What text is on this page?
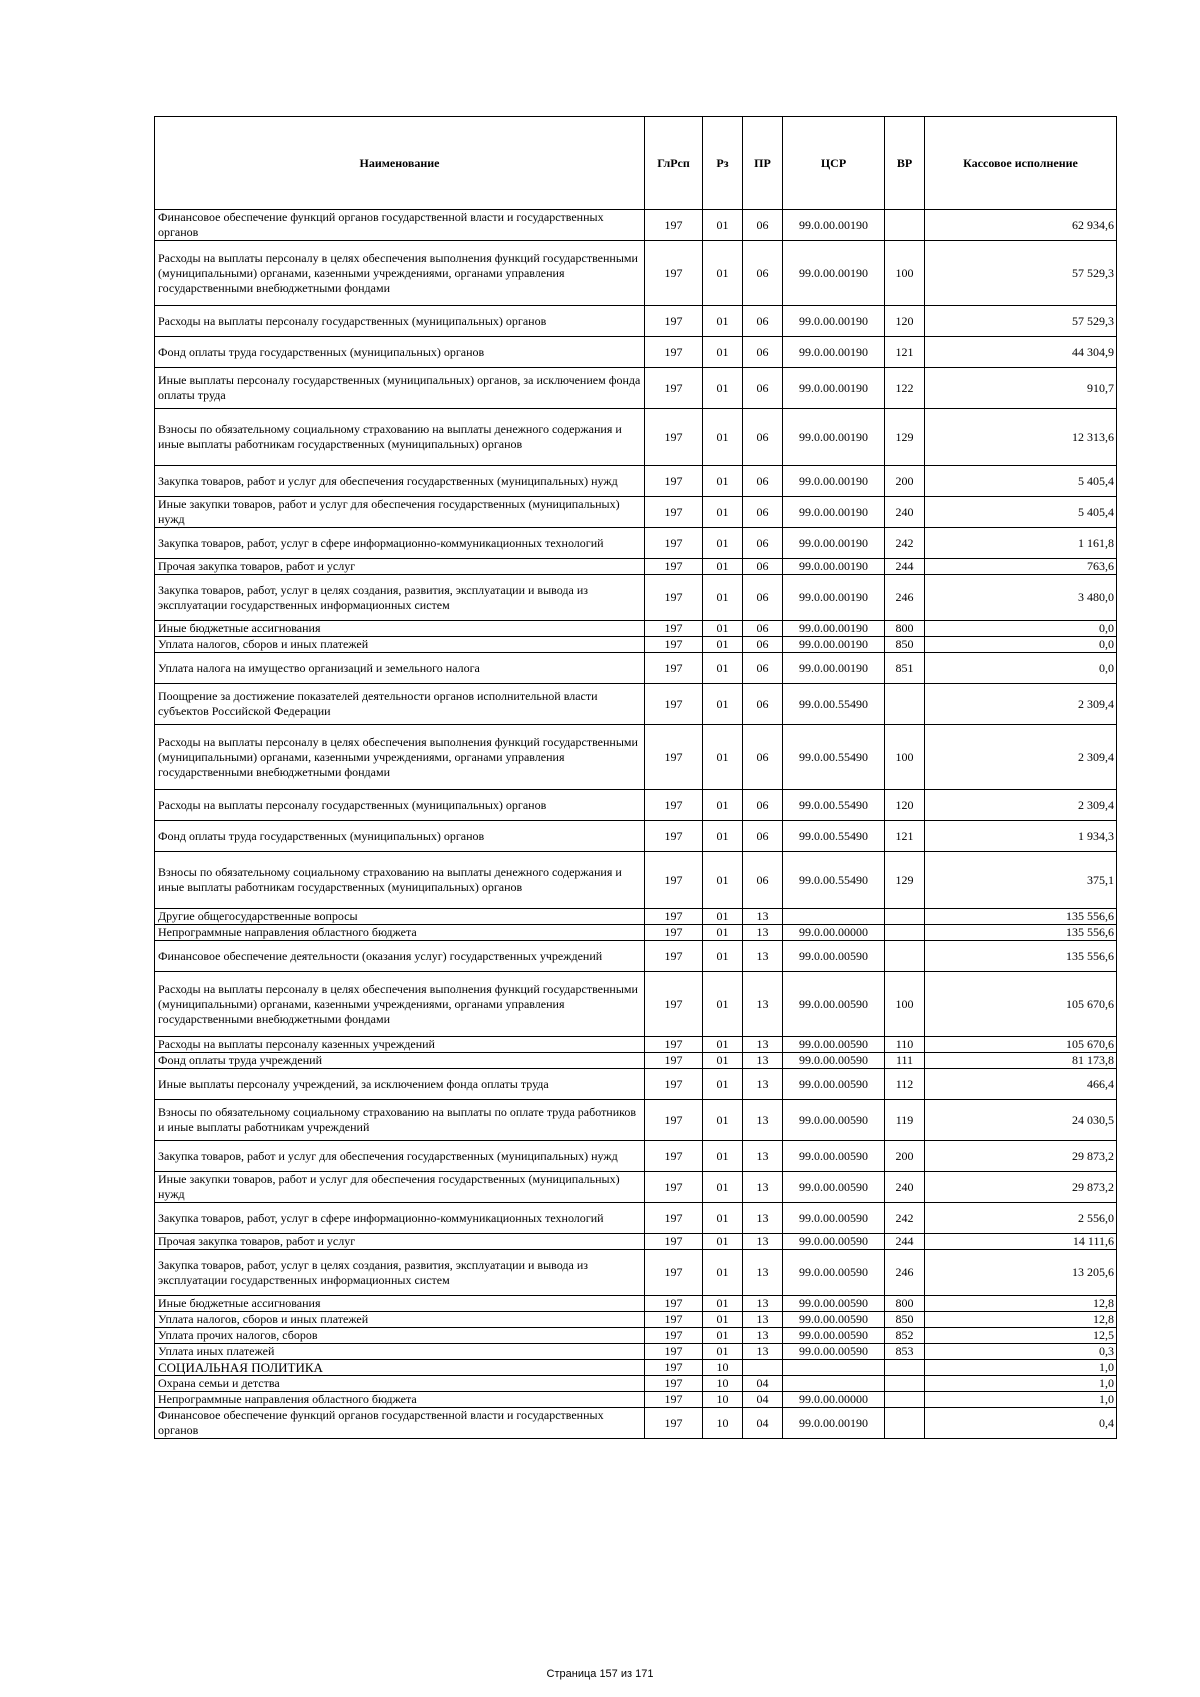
Наименование	ГлРсп	Рз	ПР	ЦСР	ВР	Кассовое исполнение
Финансовое обеспечение функций органов государственной власти и государственных органов	197	01	06	99.0.00.00190		62 934,6
Расходы на выплаты персоналу в целях обеспечения выполнения функций государственными (муниципальными) органами, казенными учреждениями, органами управления государственными внебюджетными фондами	197	01	06	99.0.00.00190	100	57 529,3
Расходы на выплаты персоналу государственных (муниципальных) органов	197	01	06	99.0.00.00190	120	57 529,3
Фонд оплаты труда государственных (муниципальных) органов	197	01	06	99.0.00.00190	121	44 304,9
Иные выплаты персоналу государственных (муниципальных) органов, за исключением фонда оплаты труда	197	01	06	99.0.00.00190	122	910,7
Взносы по обязательному социальному страхованию на выплаты денежного содержания и иные выплаты работникам государственных (муниципальных) органов	197	01	06	99.0.00.00190	129	12 313,6
Закупка товаров, работ и услуг для обеспечения государственных (муниципальных) нужд	197	01	06	99.0.00.00190	200	5 405,4
Иные закупки товаров, работ и услуг для обеспечения государственных (муниципальных) нужд	197	01	06	99.0.00.00190	240	5 405,4
Закупка товаров, работ, услуг в сфере информационно-коммуникационных технологий	197	01	06	99.0.00.00190	242	1 161,8
Прочая закупка товаров, работ и услуг	197	01	06	99.0.00.00190	244	763,6
Закупка товаров, работ, услуг в целях создания, развития, эксплуатации и вывода из эксплуатации государственных информационных систем	197	01	06	99.0.00.00190	246	3 480,0
Иные бюджетные ассигнования	197	01	06	99.0.00.00190	800	0,0
Уплата налогов, сборов и иных платежей	197	01	06	99.0.00.00190	850	0,0
Уплата налога на имущество организаций и земельного налога	197	01	06	99.0.00.00190	851	0,0
Поощрение за достижение показателей деятельности органов исполнительной власти субъектов Российской Федерации	197	01	06	99.0.00.55490		2 309,4
Расходы на выплаты персоналу в целях обеспечения выполнения функций государственными (муниципальными) органами, казенными учреждениями, органами управления государственными внебюджетными фондами	197	01	06	99.0.00.55490	100	2 309,4
Расходы на выплаты персоналу государственных (муниципальных) органов	197	01	06	99.0.00.55490	120	2 309,4
Фонд оплаты труда государственных (муниципальных) органов	197	01	06	99.0.00.55490	121	1 934,3
Взносы по обязательному социальному страхованию на выплаты денежного содержания и иные выплаты работникам государственных (муниципальных) органов	197	01	06	99.0.00.55490	129	375,1
Другие общегосударственные вопросы	197	01	13			135 556,6
Непрограммные направления областного бюджета	197	01	13	99.0.00.00000		135 556,6
Финансовое обеспечение деятельности (оказания услуг) государственных учреждений	197	01	13	99.0.00.00590		135 556,6
Расходы на выплаты персоналу в целях обеспечения выполнения функций государственными (муниципальными) органами, казенными учреждениями, органами управления государственными внебюджетными фондами	197	01	13	99.0.00.00590	100	105 670,6
Расходы на выплаты персоналу казенных учреждений	197	01	13	99.0.00.00590	110	105 670,6
Фонд оплаты труда учреждений	197	01	13	99.0.00.00590	111	81 173,8
Иные выплаты персоналу учреждений, за исключением фонда оплаты труда	197	01	13	99.0.00.00590	112	466,4
Взносы по обязательному социальному страхованию на выплаты по оплате труда работников и иные выплаты работникам учреждений	197	01	13	99.0.00.00590	119	24 030,5
Закупка товаров, работ и услуг для обеспечения государственных (муниципальных) нужд	197	01	13	99.0.00.00590	200	29 873,2
Иные закупки товаров, работ и услуг для обеспечения государственных (муниципальных) нужд	197	01	13	99.0.00.00590	240	29 873,2
Закупка товаров, работ, услуг в сфере информационно-коммуникационных технологий	197	01	13	99.0.00.00590	242	2 556,0
Прочая закупка товаров, работ и услуг	197	01	13	99.0.00.00590	244	14 111,6
Закупка товаров, работ, услуг в целях создания, развития, эксплуатации и вывода из эксплуатации государственных информационных систем	197	01	13	99.0.00.00590	246	13 205,6
Иные бюджетные ассигнования	197	01	13	99.0.00.00590	800	12,8
Уплата налогов, сборов и иных платежей	197	01	13	99.0.00.00590	850	12,8
Уплата прочих налогов, сборов	197	01	13	99.0.00.00590	852	12,5
Уплата иных платежей	197	01	13	99.0.00.00590	853	0,3
СОЦИАЛЬНАЯ ПОЛИТИКА	197	10				1,0
Охрана семьи и детства	197	10	04			1,0
Непрограммные направления областного бюджета	197	10	04	99.0.00.00000		1,0
Финансовое обеспечение функций органов государственной власти и государственных органов	197	10	04	99.0.00.00190		0,4
Страница 157 из 171
